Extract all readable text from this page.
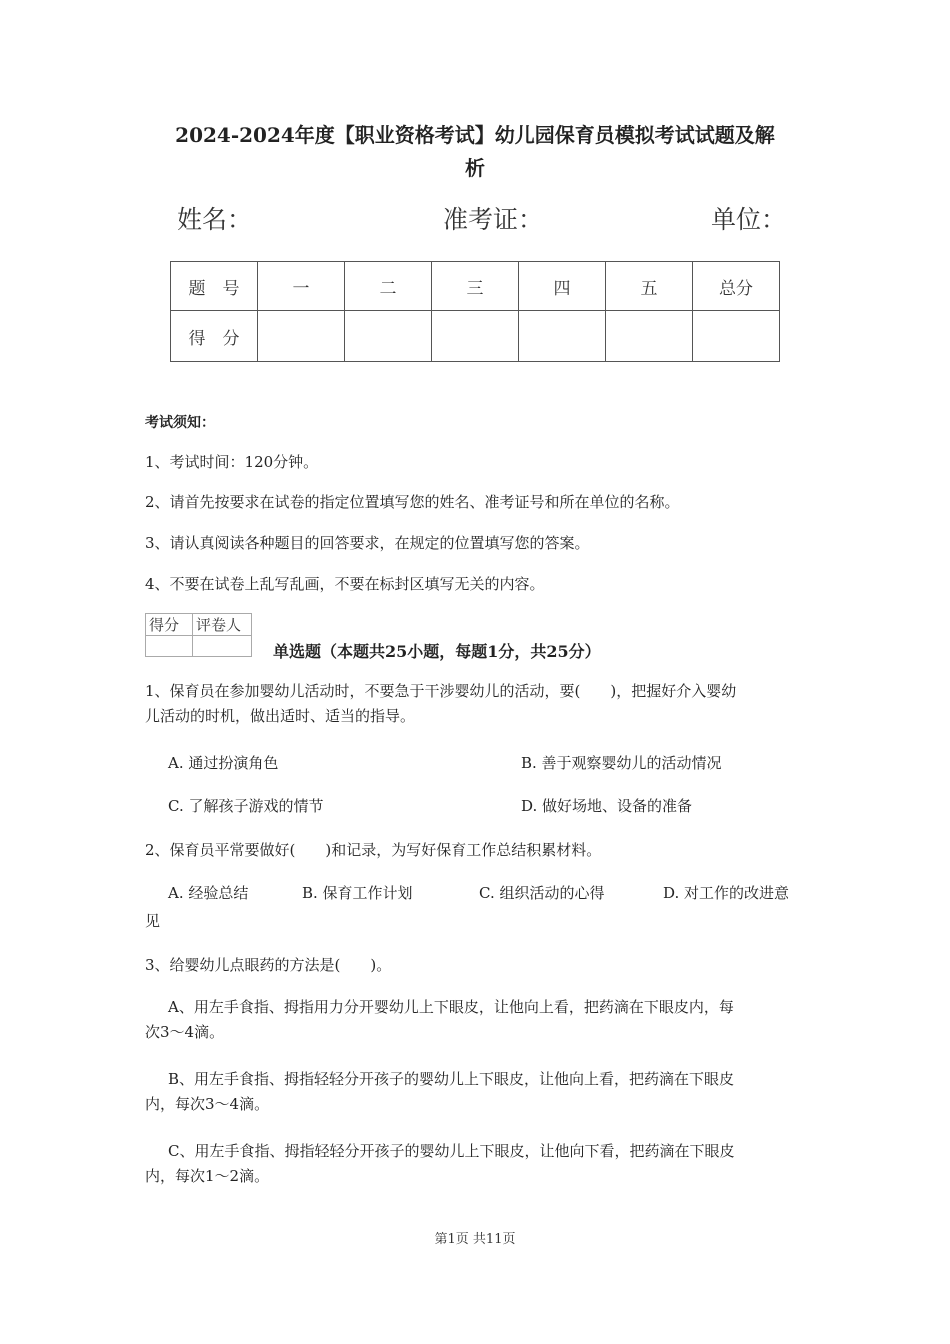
2024-2024年度【职业资格考试】幼儿园保育员模拟考试试题及解
析
姓名：	准考证：	单位：
题　号	一	二	三	四	五	总分
得　分						
考试须知：
1、考试时间：120分钟。
2、请首先按要求在试卷的指定位置填写您的姓名、准考证号和所在单位的名称。
3、请认真阅读各种题目的回答要求，在规定的位置填写您的答案。
4、不要在试卷上乱写乱画，不要在标封区填写无关的内容。
得分	评卷人

单选题（本题共25小题，每题1分，共25分）
1、保育员在参加婴幼儿活动时，不要急于干涉婴幼儿的活动，要(　　)，把握好介入婴幼
儿活动的时机，做出适时、适当的指导。
A. 通过扮演角色	B. 善于观察婴幼儿的活动情况
C. 了解孩子游戏的情节	D. 做好场地、设备的准备
2、保育员平常要做好(　　)和记录，为写好保育工作总结积累材料。
A. 经验总结	B. 保育工作计划	C. 组织活动的心得	D. 对工作的改进意
见
3、给婴幼儿点眼药的方法是(　　)。
A、用左手食指、拇指用力分开婴幼儿上下眼皮，让他向上看，把药滴在下眼皮内，每
次3～4滴。
B、用左手食指、拇指轻轻分开孩子的婴幼儿上下眼皮，让他向上看，把药滴在下眼皮
内，每次3～4滴。
C、用左手食指、拇指轻轻分开孩子的婴幼儿上下眼皮，让他向下看，把药滴在下眼皮
内，每次1～2滴。
第1页 共11页
